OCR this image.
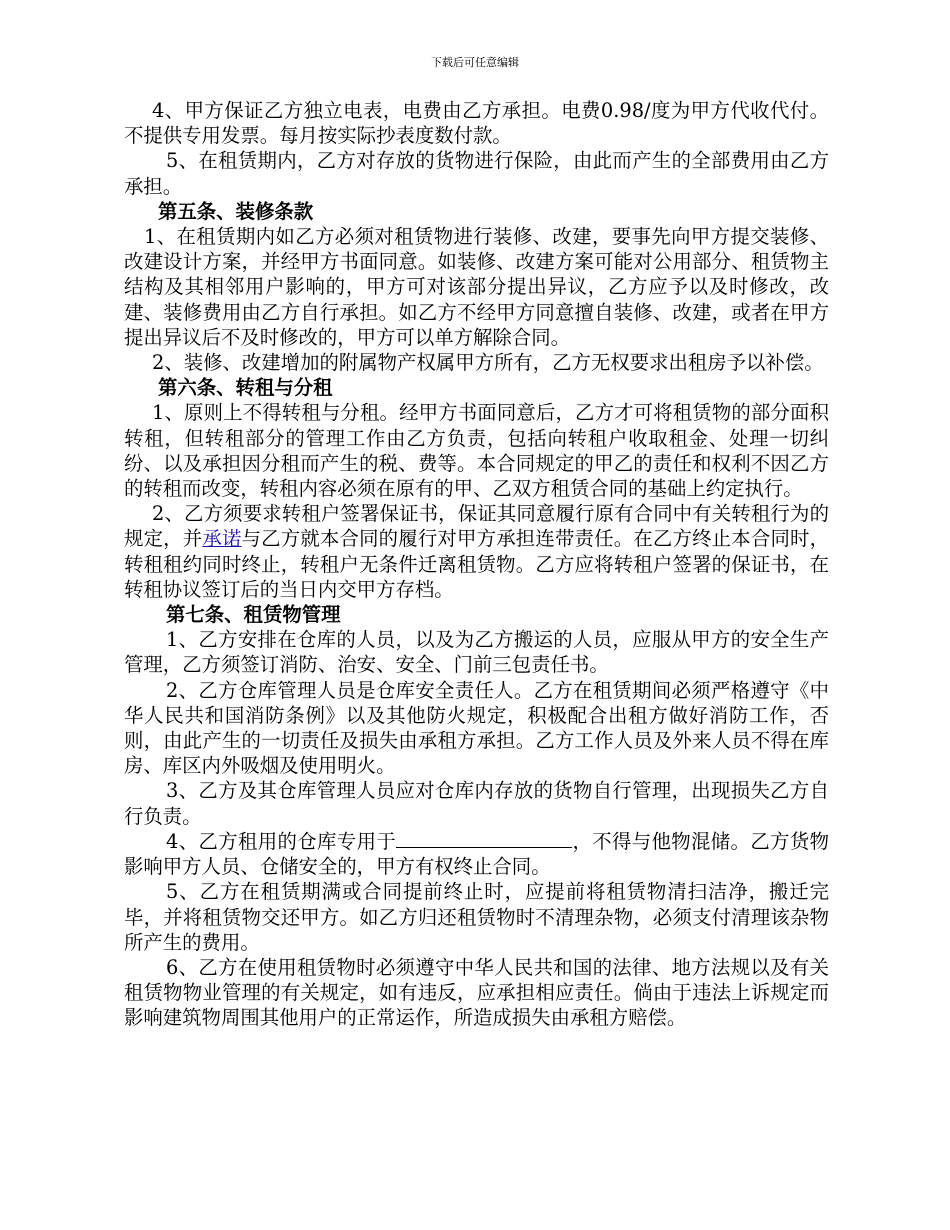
下载后可任意编辑

4、甲方保证乙方独立电表，电费由乙方承担。电费0.98/度为甲方代收代付。不提供专用发票。每月按实际抄表度数付款。

5、在租赁期内，乙方对存放的货物进行保险，由此而产生的全部费用由乙方承担。

第五条、装修条款

1、在租赁期内如乙方必须对租赁物进行装修、改建，要事先向甲方提交装修、改建设计方案，并经甲方书面同意。如装修、改建方案可能对公用部分、租赁物主结构及其相邻用户影响的，甲方可对该部分提出异议，乙方应予以及时修改，改建、装修费用由乙方自行承担。如乙方不经甲方同意擅自装修、改建，或者在甲方提出异议后不及时修改的，甲方可以单方解除合同。

2、装修、改建增加的附属物产权属甲方所有，乙方无权要求出租房予以补偿。

第六条、转租与分租

1、原则上不得转租与分租。经甲方书面同意后，乙方才可将租赁物的部分面积转租，但转租部分的管理工作由乙方负责，包括向转租户收取租金、处理一切纠纷、以及承担因分租而产生的税、费等。本合同规定的甲乙的责任和权利不因乙方的转租而改变，转租内容必须在原有的甲、乙双方租赁合同的基础上约定执行。

2、乙方须要求转租户签署保证书，保证其同意履行原有合同中有关转租行为的规定，并承诺与乙方就本合同的履行对甲方承担连带责任。在乙方终止本合同时，转租租约同时终止，转租户无条件迁离租赁物。乙方应将转租户签署的保证书，在转租协议签订后的当日内交甲方存档。

第七条、租赁物管理

1、乙方安排在仓库的人员，以及为乙方搬运的人员，应服从甲方的安全生产管理，乙方须签订消防、治安、安全、门前三包责任书。

2、乙方仓库管理人员是仓库安全责任人。乙方在租赁期间必须严格遵守《中华人民共和国消防条例》以及其他防火规定，积极配合出租方做好消防工作，否则，由此产生的一切责任及损失由承租方承担。乙方工作人员及外来人员不得在库房、库区内外吸烟及使用明火。

3、乙方及其仓库管理人员应对仓库内存放的货物自行管理，出现损失乙方自行负责。

4、乙方租用的仓库专用于	，不得与他物混储。乙方货物影响甲方人员、仓储安全的，甲方有权终止合同。

5、乙方在租赁期满或合同提前终止时，应提前将租赁物清扫洁净，搬迁完毕，并将租赁物交还甲方。如乙方归还租赁物时不清理杂物，必须支付清理该杂物所产生的费用。

6、乙方在使用租赁物时必须遵守中华人民共和国的法律、地方法规以及有关租赁物物业管理的有关规定，如有违反，应承担相应责任。倘由于违法上诉规定而影响建筑物周围其他用户的正常运作，所造成损失由承租方赔偿。
